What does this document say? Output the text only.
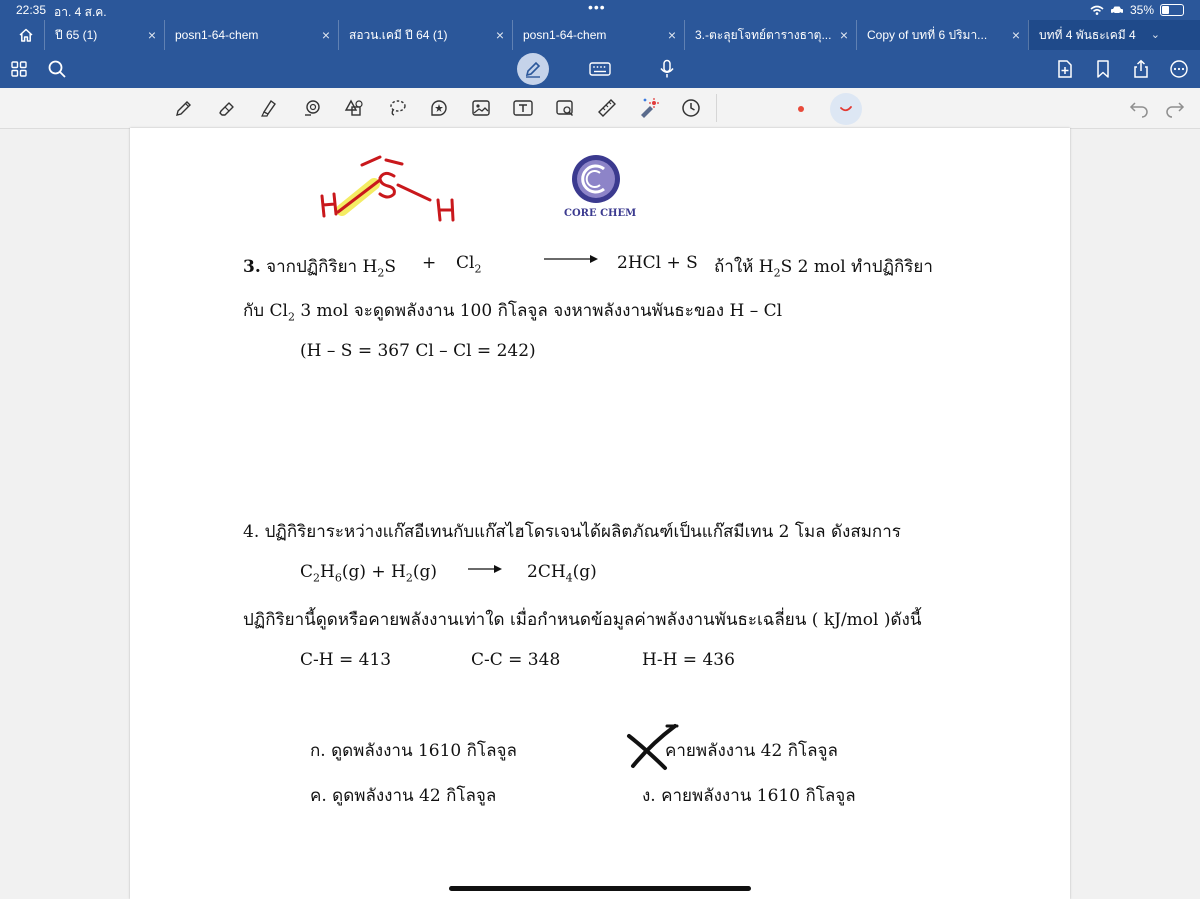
22:35 อา. 4 ส.ค.	•••	35%
ปี 65 (1)	× posn1-64-chem	× สอวน.เคมี ปี 64 (1)	× posn1-64-chem	× 3.-ตะลุยโจทย์ตารางธาตุ... × Copy of บทที่ 6 ปริมา... × บทที่ 4 พันธะเคมี 4 ⌄
CORE CHEM
3. จากปฏิกิริยา $H_2S + Cl_2 \to 2HCl + S$ ถ้าให้ $H_2S$ 2 mol ทำปฏิกิริยา
กับ $Cl_2$ 3 mol จะดูดพลังงาน 100 กิโลจูล จงหาพลังงานพันธะของ H – Cl
(H – S = 367 Cl – Cl = 242)
4. ปฏิกิริยาระหว่างแก๊สอีเทนกับแก๊สไฮโดรเจนได้ผลิตภัณฑ์เป็นแก๊สมีเทน 2 โมล ดังสมการ
$C_2H_6(g) + H_2(g) \to 2CH_4(g)$
ปฏิกิริยานี้ดูดหรือคายพลังงานเท่าใด เมื่อกำหนดข้อมูลค่าพลังงานพันธะเฉลี่ยน ( kJ/mol )ดังนี้
C-H = 413	C-C = 348	H-H = 436
ก. ดูดพลังงาน 1610 กิโลจูล	คายพลังงาน 42 กิโลจูล
ค. ดูดพลังงาน 42 กิโลจูล	ง. คายพลังงาน 1610 กิโลจูล
